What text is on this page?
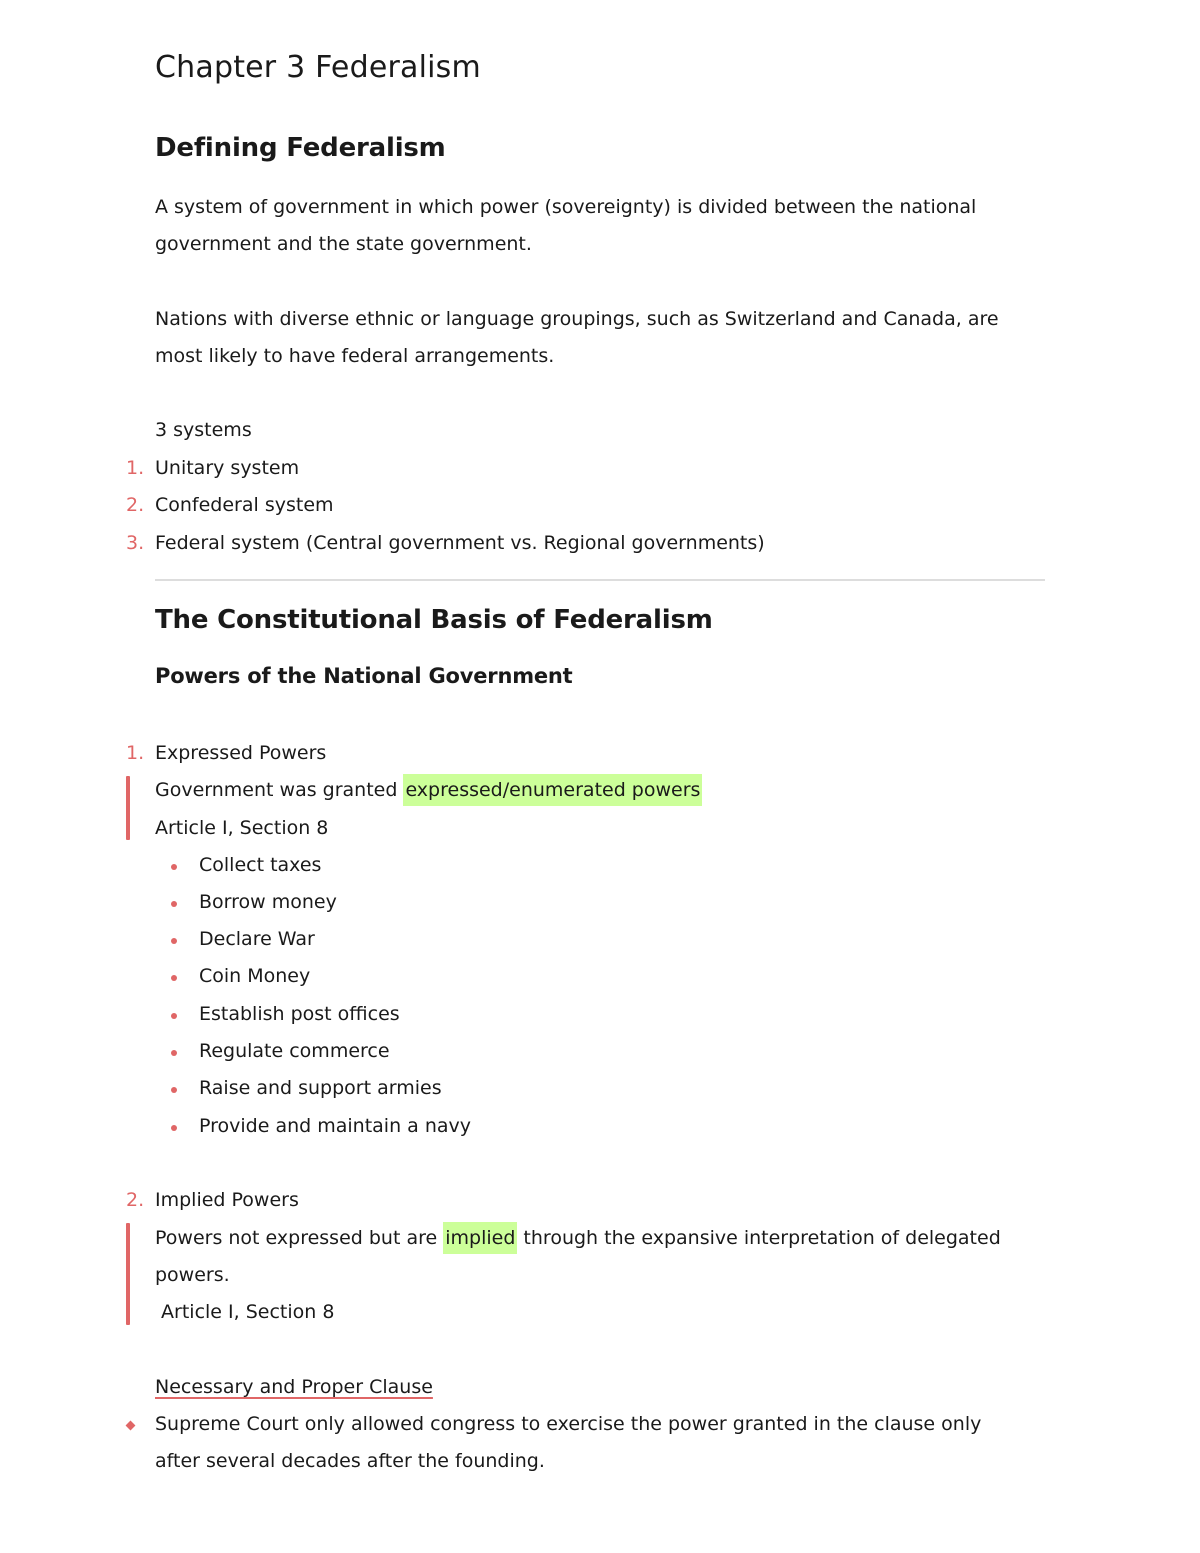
Chapter 3 Federalism
Defining Federalism
A system of government in which power (sovereignty) is divided between the national
government and the state government.
Nations with diverse ethnic or language groupings, such as Switzerland and Canada, are
most likely to have federal arrangements.
3 systems
1. Unitary system
2. Confederal system
3. Federal system (Central government vs. Regional governments)
The Constitutional Basis of Federalism
Powers of the National Government
1. Expressed Powers
Government was granted expressed/enumerated powers
Article I, Section 8
Collect taxes
Borrow money
Declare War
Coin Money
Establish post offices
Regulate commerce
Raise and support armies
Provide and maintain a navy
2. Implied Powers
Powers not expressed but are implied through the expansive interpretation of delegated
powers.
Article I, Section 8
Necessary and Proper Clause
Supreme Court only allowed congress to exercise the power granted in the clause only
after several decades after the founding.
